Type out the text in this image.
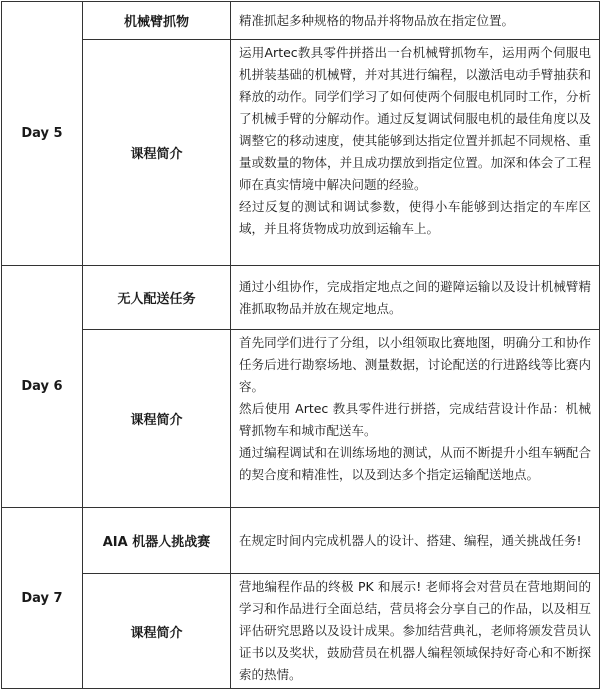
Day 5	机械臂抓物	精准抓起多种规格的物品并将物品放在指定位置。

	课程简介	运用Artec教具零件拼搭出一台机械臂抓物车，运用两个伺服电机拼装基础的机械臂，并对其进行编程，以激活电动手臂抽获和释放的动作。同学们学习了如何使两个伺服电机同时工作，分析了机械手臂的分解动作。通过反复调试伺服电机的最佳角度以及调整它的移动速度，使其能够到达指定位置并抓起不同规格、重量或数量的物体，并且成功摆放到指定位置。加深和体会了工程师在真实情境中解决问题的经验。

经过反复的测试和调试参数，使得小车能够到达指定的车库区域，并且将货物成功放到运输车上。

Day 6	无人配送任务	通过小组协作，完成指定地点之间的避障运输以及设计机械臂精准抓取物品并放在规定地点。

	课程简介	首先同学们进行了分组，以小组领取比赛地图，明确分工和协作任务后进行勘察场地、测量数据，讨论配送的行进路线等比赛内容。

然后使用 Artec 教具零件进行拼搭，完成结营设计作品：机械臂抓物车和城市配送车。

通过编程调试和在训练场地的测试，从而不断提升小组车辆配合的契合度和精准性，以及到达多个指定运输配送地点。

Day 7	AIA 机器人挑战赛	在规定时间内完成机器人的设计、搭建、编程，通关挑战任务!

	课程简介	营地编程作品的终极 PK 和展示! 老师将会对营员在营地期间的学习和作品进行全面总结，营员将会分享自己的作品，以及相互评估研究思路以及设计成果。参加结营典礼，老师将颁发营员认证书以及奖状，鼓励营员在机器人编程领域保持好奇心和不断探索的热情。
